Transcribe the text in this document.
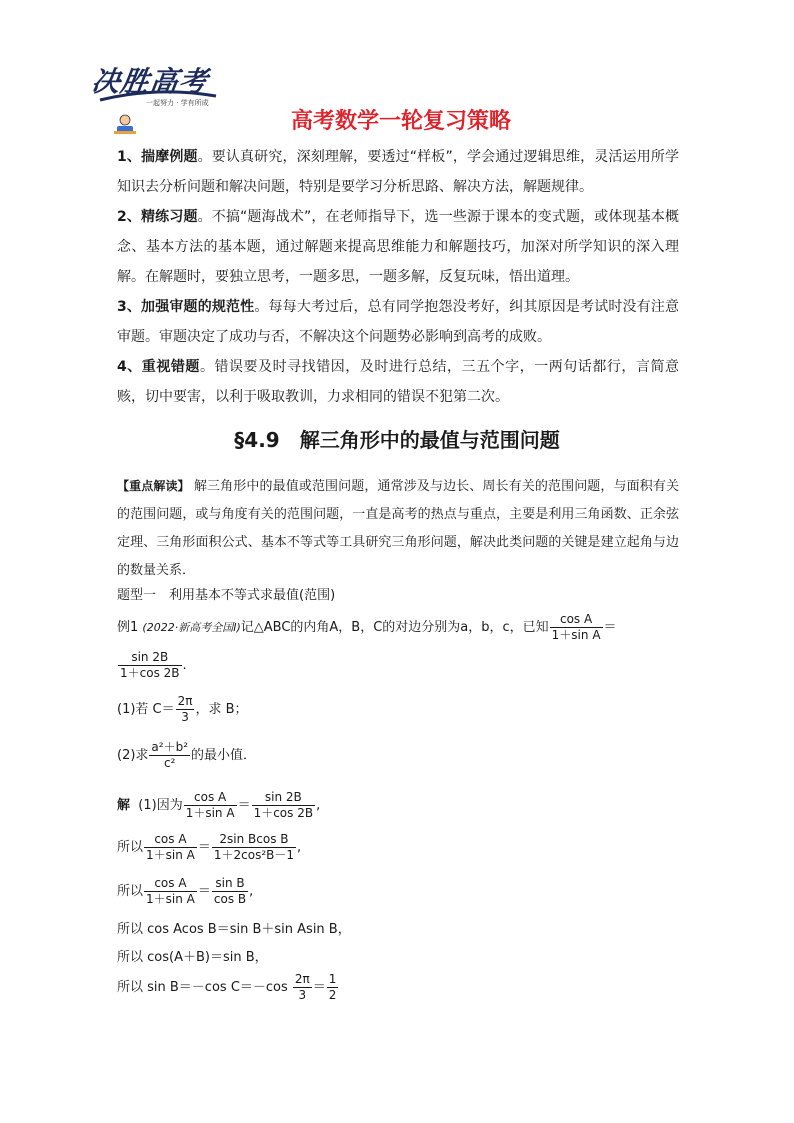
决胜高考
一起努力 · 学有所成
高考数学一轮复习策略

1、揣摩例题。要认真研究，深刻理解，要透过“样板”，学会通过逻辑思维，灵活运用所学知识去分析问题和解决问题，特别是要学习分析思路、解决方法，解题规律。

2、精练习题。不搞“题海战术”，在老师指导下，选一些源于课本的变式题，或体现基本概念、基本方法的基本题，通过解题来提高思维能力和解题技巧，加深对所学知识的深入理解。在解题时，要独立思考，一题多思，一题多解，反复玩味，悟出道理。

3、加强审题的规范性。每每大考过后，总有同学抱怨没考好，纠其原因是考试时没有注意审题。审题决定了成功与否，不解决这个问题势必影响到高考的成败。

4、重视错题。错误要及时寻找错因，及时进行总结，三五个字，一两句话都行，言简意赅，切中要害，以利于吸取教训，力求相同的错误不犯第二次。

§4.9 解三角形中的最值与范围问题

【重点解读】 解三角形中的最值或范围问题，通常涉及与边长、周长有关的范围问题，与面积有关的范围问题，或与角度有关的范围问题，一直是高考的热点与重点，主要是利用三角函数、正余弦定理、三角形面积公式、基本不等式等工具研究三角形问题，解决此类问题的关键是建立起角与边的数量关系．

题型一　利用基本不等式求最值(范围)
例1 (2022·新高考全国Ⅰ)记△ABC的内角A，B，C的对边分别为a，b，c，已知 $\frac{\text{cos A}}{\text{1＋sin A}}$ ＝
$\frac{\sin 2B}{1+\cos 2B}$ .
(1)若 $C= \frac{2\pi}{3}$ ，求 B；
(2)求 $\frac{\text{a²＋b²}}{\text{c²}}$ 的最小值．
解 (1)因为 $\frac{\text{cos A}}{\text{1＋sin A}} = \frac{\sin 2B}{1+\cos 2B}$ ,
所以 $\frac{\text{cos A}}{\text{1＋sin A}} = \frac{\text{2sin Bcos B}}{\text{1＋2cos²B－1}}$ ,
所以 $\frac{\text{cos A}}{\text{1＋sin A}} = \frac{\text{sin B}}{\text{cos B}}$ ,
所以 cos Acos B＝sin B＋sin Asin B，
所以 cos(A＋B)＝sin B，
所以 sin B＝－cos $C=-\cos \frac{2\pi}{3} = \frac{1}{2}$
